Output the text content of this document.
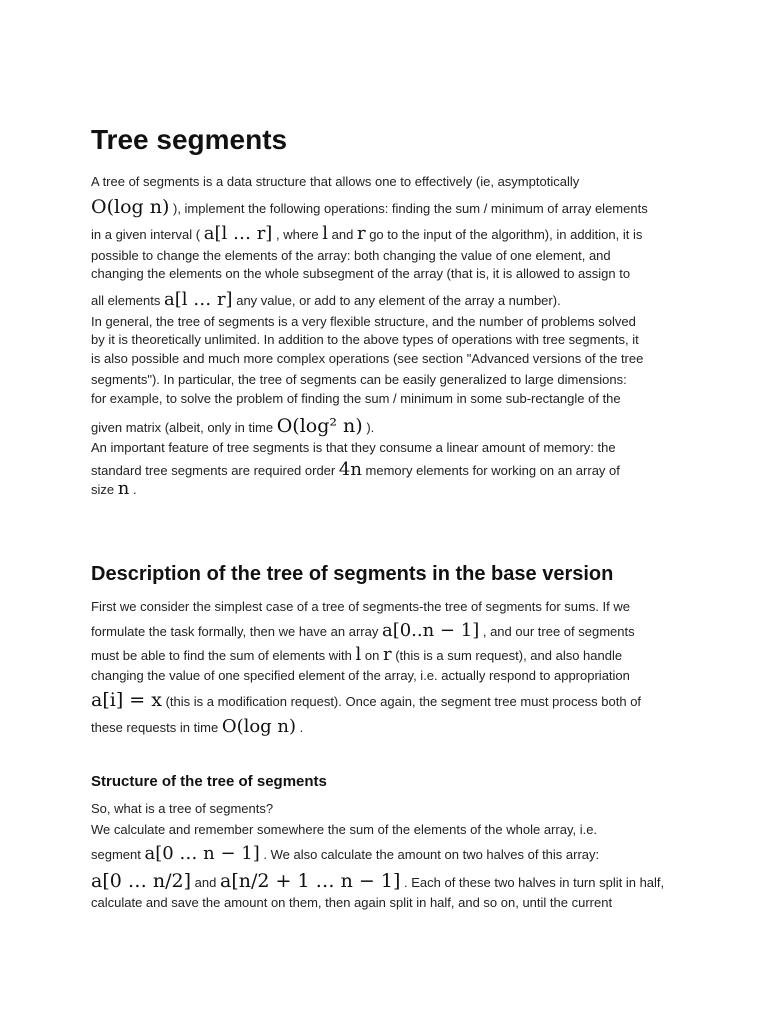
Tree segments
A tree of segments is a data structure that allows one to effectively (ie, asymptotically
O(log n) ), implement the following operations: finding the sum / minimum of array elements
in a given interval ( a[l … r] , where l and r go to the input of the algorithm), in addition, it is
possible to change the elements of the array: both changing the value of one element, and
changing the elements on the whole subsegment of the array (that is, it is allowed to assign to
all elements a[l … r] any value, or add to any element of the array a number).
In general, the tree of segments is a very flexible structure, and the number of problems solved
by it is theoretically unlimited. In addition to the above types of operations with tree segments, it
is also possible and much more complex operations (see section "Advanced versions of the tree
segments"). In particular, the tree of segments can be easily generalized to large dimensions:
for example, to solve the problem of finding the sum / minimum in some sub-rectangle of the
given matrix (albeit, only in time O(log² n) ).
An important feature of tree segments is that they consume a linear amount of memory: the
standard tree segments are required order 4n memory elements for working on an array of
size n .
Description of the tree of segments in the base version
First we consider the simplest case of a tree of segments-the tree of segments for sums. If we
formulate the task formally, then we have an array a[0..n − 1] , and our tree of segments
must be able to find the sum of elements with l on r (this is a sum request), and also handle
changing the value of one specified element of the array, i.e. actually respond to appropriation
a[i] = x (this is a modification request). Once again, the segment tree must process both of
these requests in time O(log n) .
Structure of the tree of segments
So, what is a tree of segments?
We calculate and remember somewhere the sum of the elements of the whole array, i.e.
segment a[0 … n − 1] . We also calculate the amount on two halves of this array:
a[0 … n/2] and a[n/2 + 1 … n − 1] . Each of these two halves in turn split in half,
calculate and save the amount on them, then again split in half, and so on, until the current
